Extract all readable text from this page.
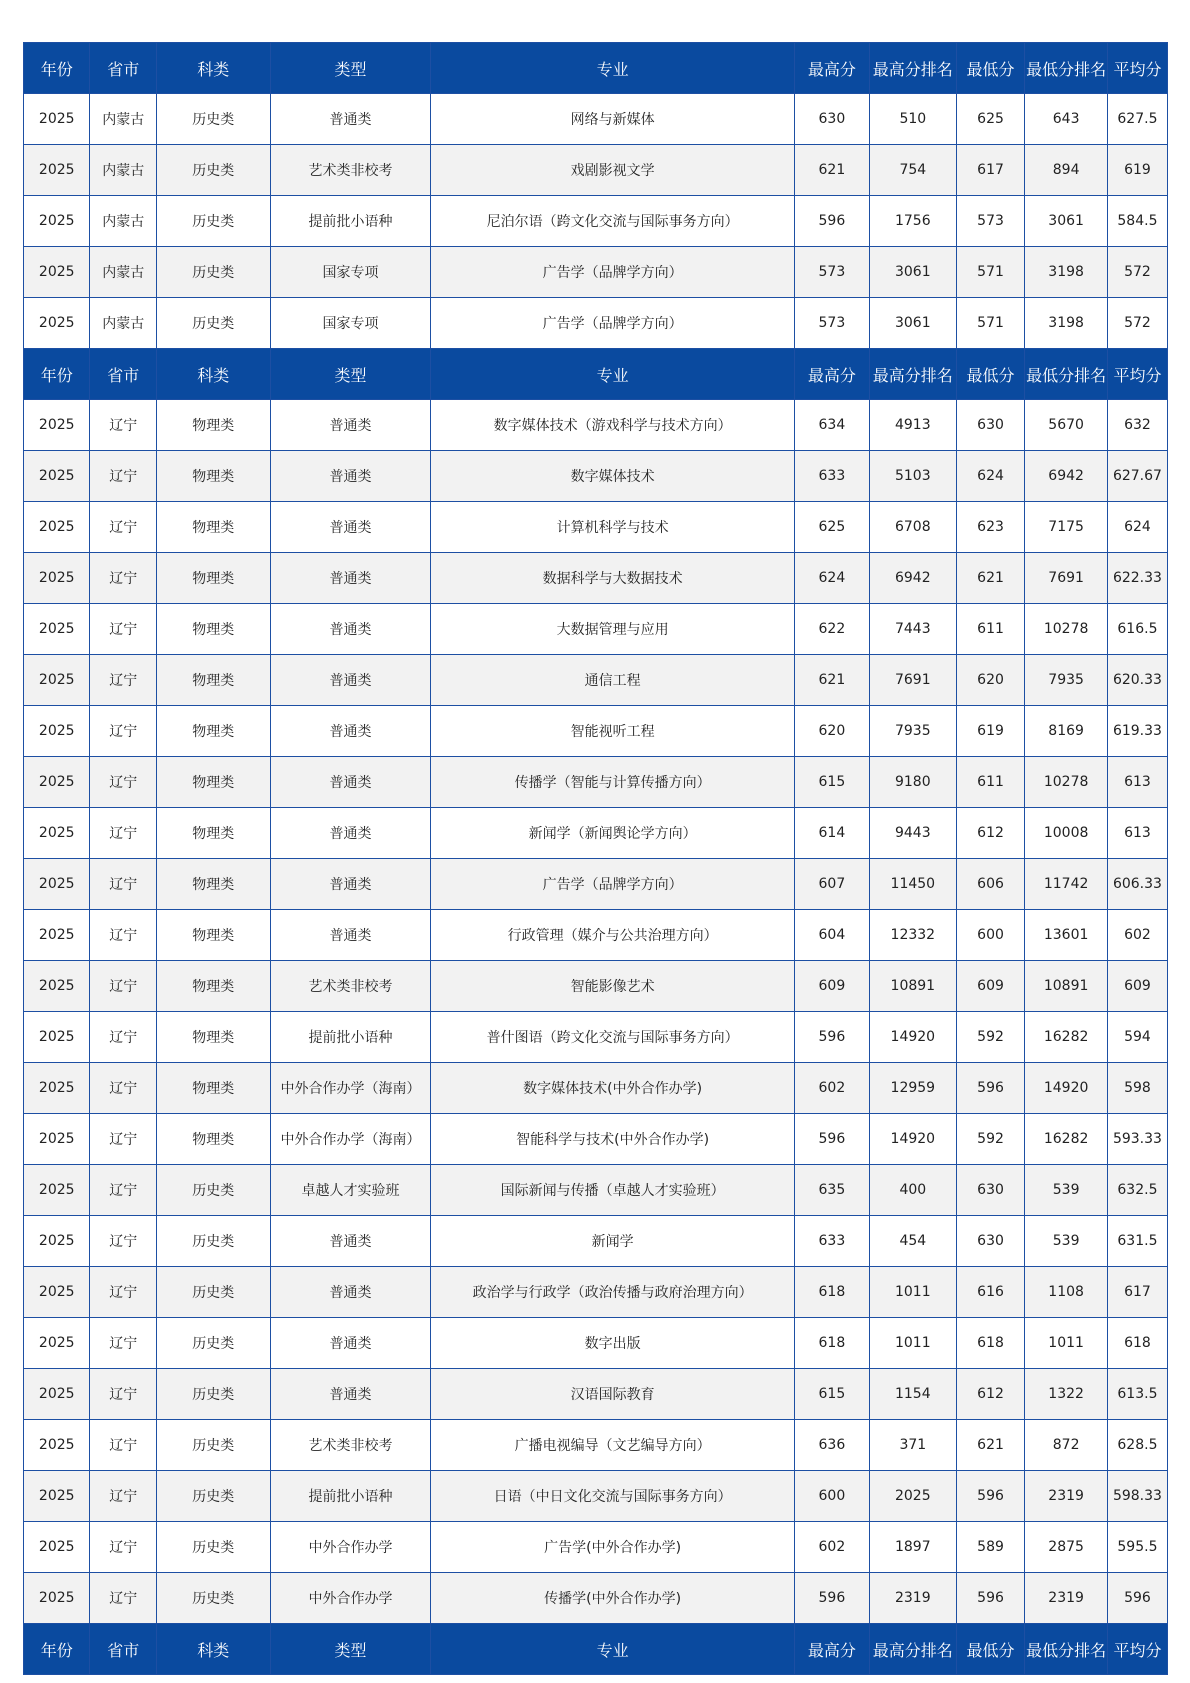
年份	省市	科类	类型	专业	最高分	最高分排名	最低分	最低分排名	平均分
2025	内蒙古	历史类	普通类	网络与新媒体	630	510	625	643	627.5
2025	内蒙古	历史类	艺术类非校考	戏剧影视文学	621	754	617	894	619
2025	内蒙古	历史类	提前批小语种	尼泊尔语（跨文化交流与国际事务方向）	596	1756	573	3061	584.5
2025	内蒙古	历史类	国家专项	广告学（品牌学方向）	573	3061	571	3198	572
2025	内蒙古	历史类	国家专项	广告学（品牌学方向）	573	3061	571	3198	572
年份	省市	科类	类型	专业	最高分	最高分排名	最低分	最低分排名	平均分
2025	辽宁	物理类	普通类	数字媒体技术（游戏科学与技术方向）	634	4913	630	5670	632
2025	辽宁	物理类	普通类	数字媒体技术	633	5103	624	6942	627.67
2025	辽宁	物理类	普通类	计算机科学与技术	625	6708	623	7175	624
2025	辽宁	物理类	普通类	数据科学与大数据技术	624	6942	621	7691	622.33
2025	辽宁	物理类	普通类	大数据管理与应用	622	7443	611	10278	616.5
2025	辽宁	物理类	普通类	通信工程	621	7691	620	7935	620.33
2025	辽宁	物理类	普通类	智能视听工程	620	7935	619	8169	619.33
2025	辽宁	物理类	普通类	传播学（智能与计算传播方向）	615	9180	611	10278	613
2025	辽宁	物理类	普通类	新闻学（新闻舆论学方向）	614	9443	612	10008	613
2025	辽宁	物理类	普通类	广告学（品牌学方向）	607	11450	606	11742	606.33
2025	辽宁	物理类	普通类	行政管理（媒介与公共治理方向）	604	12332	600	13601	602
2025	辽宁	物理类	艺术类非校考	智能影像艺术	609	10891	609	10891	609
2025	辽宁	物理类	提前批小语种	普什图语（跨文化交流与国际事务方向）	596	14920	592	16282	594
2025	辽宁	物理类	中外合作办学（海南）	数字媒体技术(中外合作办学)	602	12959	596	14920	598
2025	辽宁	物理类	中外合作办学（海南）	智能科学与技术(中外合作办学)	596	14920	592	16282	593.33
2025	辽宁	历史类	卓越人才实验班	国际新闻与传播（卓越人才实验班）	635	400	630	539	632.5
2025	辽宁	历史类	普通类	新闻学	633	454	630	539	631.5
2025	辽宁	历史类	普通类	政治学与行政学（政治传播与政府治理方向）	618	1011	616	1108	617
2025	辽宁	历史类	普通类	数字出版	618	1011	618	1011	618
2025	辽宁	历史类	普通类	汉语国际教育	615	1154	612	1322	613.5
2025	辽宁	历史类	艺术类非校考	广播电视编导（文艺编导方向）	636	371	621	872	628.5
2025	辽宁	历史类	提前批小语种	日语（中日文化交流与国际事务方向）	600	2025	596	2319	598.33
2025	辽宁	历史类	中外合作办学	广告学(中外合作办学)	602	1897	589	2875	595.5
2025	辽宁	历史类	中外合作办学	传播学(中外合作办学)	596	2319	596	2319	596
年份	省市	科类	类型	专业	最高分	最高分排名	最低分	最低分排名	平均分
